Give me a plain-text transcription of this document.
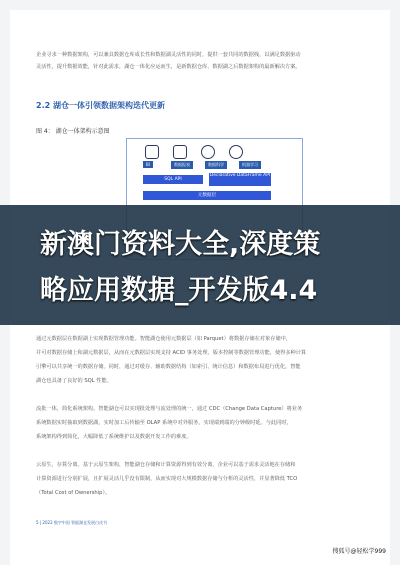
企业寻求一种数据架构，可以兼具数据仓库成长性和数据湖灵活性的同时，提供一套共同的数据栈，以满足数据驱动
灵活性，提升数据效能，针对此需求，湖仓一体化应运而生，是新数据仓库、数据湖之后数据架构的最新解决方案。
2.2 湖仓一体引领数据架构迭代更新
图 4： 湖仓一体架构示意图
BI	数据报表	数据科学	机器学习
SQL API
Declarative DataFrame API
元数据层
新澳门资料大全,深度策
略应用数据_开发版4.4
通过元数据层在数据湖上实现数据管理功能。智能湖仓使用元数据层（如 Parquet）将数据存储在对象存储中，
并可对数据存储上和湖元数据层，从而在元数据层实现支持 ACID 事务处理、版本控制等数据管理功能，使得多种计算
引擎可以共享统一的数据存储。同时，通过对缓存、辅助数据结构（如索引、统计信息）和数据布局进行优化，智能
湖仓也具备了良好的 SQL 性能。
流批一体，简化系统架构。智能湖仓可以实现批处理与流处理的统一，通过 CDC（Change Data Capture）将业务
系统数据实时抽取到数据湖，实时加工后传输至 OLAP 系统中对外服务，实现端到端的分钟级时延。与此同时，
系统架构得到简化，大幅降低了系统维护以及数据开发工作的难度。
云原生，存算分离。基于云原生架构，智能湖仓存储和计算资源得到有效分离，企业可以基于需求灵活地在存储和
计算资源进行分别扩展，且扩展灵活几乎没有限制，从而实现对大规模数据存储与分析的灵活性，并显著降低 TCO
（Total Cost of Ownership）。
5 | 2022 数字中国 智能湖仓发展白皮书
搜狐号@轻松学999
